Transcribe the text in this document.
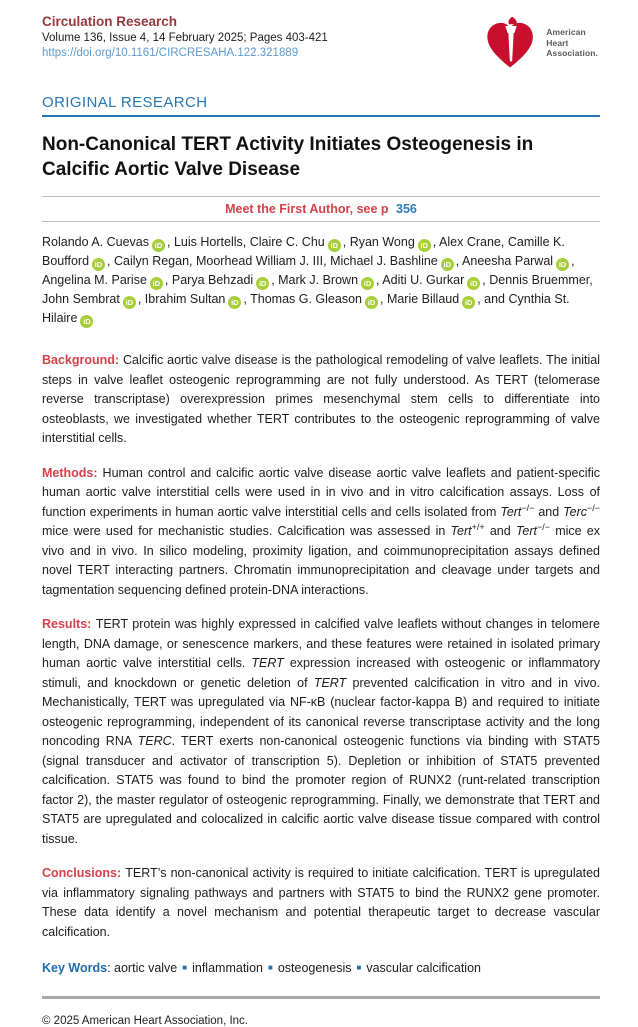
Circulation Research
Volume 136, Issue 4, 14 February 2025; Pages 403-421
https://doi.org/10.1161/CIRCRESAHA.122.321889
American
Heart
Association.
ORIGINAL RESEARCH
Non-Canonical TERT Activity Initiates Osteogenesis in Calcific Aortic Valve Disease
Meet the First Author, see p 356

Rolando A. Cuevas iD , Luis Hortells, Claire C. Chu iD , Ryan Wong iD , Alex Crane, Camille K. Boufford iD , Cailyn Regan, Moorhead William J. III, Michael J. Bashline iD , Aneesha Parwal iD , Angelina M. Parise iD , Parya Behzadi iD , Mark J. Brown iD , Aditi U. Gurkar iD , Dennis Bruemmer, John Sembrat iD , Ibrahim Sultan iD , Thomas G. Gleason iD , Marie Billaud iD , and Cynthia St. Hilaire iD

Background: Calcific aortic valve disease is the pathological remodeling of valve leaflets. The initial steps in valve leaflet osteogenic reprogramming are not fully understood. As TERT (telomerase reverse transcriptase) overexpression primes mesenchymal stem cells to differentiate into osteoblasts, we investigated whether TERT contributes to the osteogenic reprogramming of valve interstitial cells.

Methods: Human control and calcific aortic valve disease aortic valve leaflets and patient-specific human aortic valve interstitial cells were used in in vivo and in vitro calcification assays. Loss of function experiments in human aortic valve interstitial cells and cells isolated from Tert−/− and Terc−/− mice were used for mechanistic studies. Calcification was assessed in Tert+/+ and Tert−/− mice ex vivo and in vivo. In silico modeling, proximity ligation, and coimmunoprecipitation assays defined novel TERT interacting partners. Chromatin immunoprecipitation and cleavage under targets and tagmentation sequencing defined protein-DNA interactions.

Results: TERT protein was highly expressed in calcified valve leaflets without changes in telomere length, DNA damage, or senescence markers, and these features were retained in isolated primary human aortic valve interstitial cells. TERT expression increased with osteogenic or inflammatory stimuli, and knockdown or genetic deletion of TERT prevented calcification in vitro and in vivo. Mechanistically, TERT was upregulated via NF-κB (nuclear factor-kappa B) and required to initiate osteogenic reprogramming, independent of its canonical reverse transcriptase activity and the long noncoding RNA TERC. TERT exerts non-canonical osteogenic functions via binding with STAT5 (signal transducer and activator of transcription 5). Depletion or inhibition of STAT5 prevented calcification. STAT5 was found to bind the promoter region of RUNX2 (runt-related transcription factor 2), the master regulator of osteogenic reprogramming. Finally, we demonstrate that TERT and STAT5 are upregulated and colocalized in calcific aortic valve disease tissue compared with control tissue.

Conclusions: TERT’s non-canonical activity is required to initiate calcification. TERT is upregulated via inflammatory signaling pathways and partners with STAT5 to bind the RUNX2 gene promoter. These data identify a novel mechanism and potential therapeutic target to decrease vascular calcification.

Key Words: aortic valve ■ inflammation ■ osteogenesis ■ vascular calcification

© 2025 American Heart Association, Inc.
